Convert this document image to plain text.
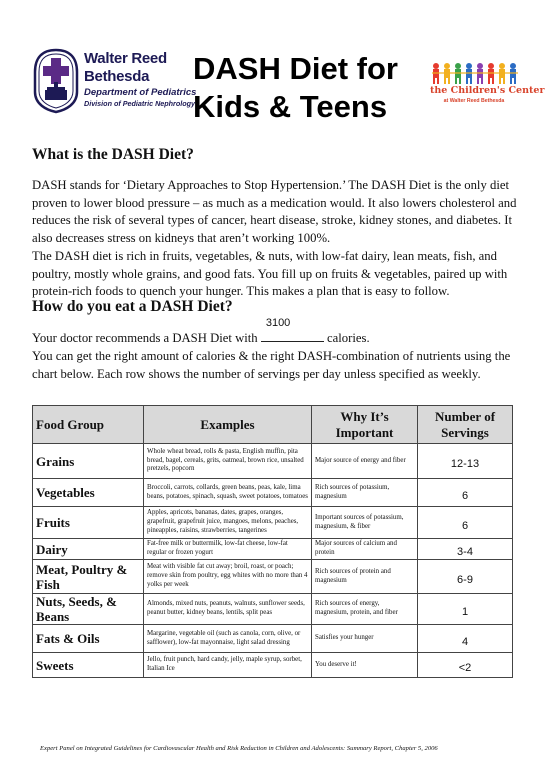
Walter Reed
Bethesda
Department of Pediatrics
Division of Pediatric Nephrology
DASH Diet for
Kids & Teens	the Children's Center
at Walter Reed Bethesda
What is the DASH Diet?
DASH stands for ‘Dietary Approaches to Stop Hypertension.’ The DASH Diet is the only diet proven to lower blood pressure – as much as a medication would. It also lowers cholesterol and reduces the risk of several types of cancer, heart disease, stroke, kidney stones, and diabetes. It also decreases stress on kidneys that aren’t working 100%.
The DASH diet is rich in fruits, vegetables, & nuts, with low-fat dairy, lean meats, fish, and poultry, mostly whole grains, and good fats. You fill up on fruits & vegetables, paired up with protein-rich foods to quench your hunger. This makes a plan that is easy to follow.
How do you eat a DASH Diet?
Your doctor recommends a DASH Diet with
3100
calories.
You can get the right amount of calories & the right DASH-combination of nutrients using the chart below. Each row shows the number of servings per day unless specified as weekly.
Food Group	Examples	Why It’s Important	Number of Servings
Grains	Whole wheat bread, rolls & pasta, English muffin, pita bread, bagel, cereals, grits, oatmeal, brown rice, unsalted pretzels, popcorn	Major source of energy and fiber	12-13
Vegetables	Broccoli, carrots, collards, green beans, peas, kale, lima beans, potatoes, spinach, squash, sweet potatoes, tomatoes	Rich sources of potassium, magnesium	6
Fruits	Apples, apricots, bananas, dates, grapes, oranges, grapefruit, grapefruit juice, mangoes, melons, peaches, pineapples, raisins, strawberries, tangerines	Important sources of potassium, magnesium, & fiber	6
Dairy	Fat-free milk or buttermilk, low-fat cheese, low-fat regular or frozen yogurt	Major sources of calcium and protein	3-4
Meat, Poultry & Fish	Meat with visible fat cut away; broil, roast, or poach; remove skin from poultry, egg whites with no more than 4 yolks per week	Rich sources of protein and magnesium	6-9
Nuts, Seeds, & Beans	Almonds, mixed nuts, peanuts, walnuts, sunflower seeds, peanut butter, kidney beans, lentils, split peas	Rich sources of energy, magnesium, protein, and fiber	1
Fats & Oils	Margarine, vegetable oil (such as canola, corn, olive, or safflower), low-fat mayonnaise, light salad dressing	Satisfies your hunger	4
Sweets	Jello, fruit punch, hard candy, jelly, maple syrup, sorbet, Italian Ice	You deserve it!	<2
Expert Panel on Integrated Guidelines for Cardiovascular Health and Risk Reduction in Children and Adolescents: Summary Report, Chapter 5, 2006
